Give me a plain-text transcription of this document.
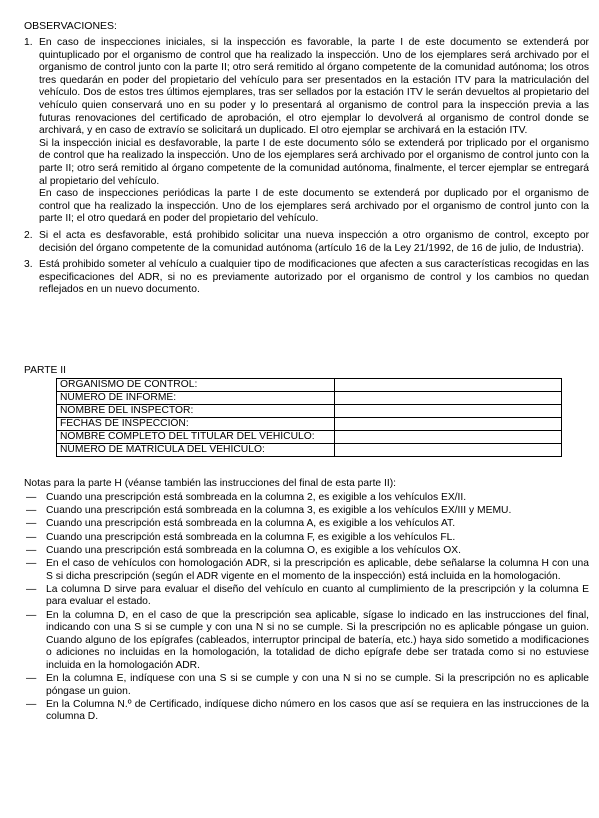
OBSERVACIONES:
1. En caso de inspecciones iniciales, si la inspección es favorable, la parte I de este documento se extenderá por quintuplicado por el organismo de control que ha realizado la inspección. Uno de los ejemplares será archivado por el organismo de control junto con la parte II; otro será remitido al órgano competente de la comunidad autónoma; los otros tres quedarán en poder del propietario del vehículo para ser presentados en la estación ITV para la matriculación del vehículo. Dos de estos tres últimos ejemplares, tras ser sellados por la estación ITV le serán devueltos al propietario del vehículo quien conservará uno en su poder y lo presentará al organismo de control para la inspección previa a las futuras renovaciones del certificado de aprobación, el otro ejemplar lo devolverá al organismo de control donde se archivará, y en caso de extravío se solicitará un duplicado. El otro ejemplar se archivará en la estación ITV.

Si la inspección inicial es desfavorable, la parte I de este documento sólo se extenderá por triplicado por el organismo de control que ha realizado la inspección. Uno de los ejemplares será archivado por el organismo de control junto con la parte II; otro será remitido al órgano competente de la comunidad autónoma, finalmente, el tercer ejemplar se entregará al propietario del vehículo.

En caso de inspecciones periódicas la parte I de este documento se extenderá por duplicado por el organismo de control que ha realizado la inspección. Uno de los ejemplares será archivado por el organismo de control junto con la parte II; el otro quedará en poder del propietario del vehículo.

2. Si el acta es desfavorable, está prohibido solicitar una nueva inspección a otro organismo de control, excepto por decisión del órgano competente de la comunidad autónoma (artículo 16 de la Ley 21/1992, de 16 de julio, de Industria).

3. Está prohibido someter al vehículo a cualquier tipo de modificaciones que afecten a sus características recogidas en las especificaciones del ADR, si no es previamente autorizado por el organismo de control y los cambios no quedan reflejados en un nuevo documento.

PARTE II
ORGANISMO DE CONTROL:	
NÚMERO DE INFORME:	
NOMBRE DEL INSPECTOR:	
FECHAS DE INSPECCIÓN:	
NOMBRE COMPLETO DEL TITULAR DEL VEHÍCULO:	
NÚMERO DE MATRÍCULA DEL VEHÍCULO:	
Notas para la parte H (véanse también las instrucciones del final de esta parte II):
— Cuando una prescripción está sombreada en la columna 2, es exigible a los vehículos EX/II.

— Cuando una prescripción está sombreada en la columna 3, es exigible a los vehículos EX/III y MEMU.

— Cuando una prescripción está sombreada en la columna A, es exigible a los vehículos AT.

— Cuando una prescripción está sombreada en la columna F, es exigible a los vehículos FL.

— Cuando una prescripción está sombreada en la columna O, es exigible a los vehículos OX.

— En el caso de vehículos con homologación ADR, si la prescripción es aplicable, debe señalarse la columna H con una S si dicha prescripción (según el ADR vigente en el momento de la inspección) está incluida en la homologación.

— La columna D sirve para evaluar el diseño del vehículo en cuanto al cumplimiento de la prescripción y la columna E para evaluar el estado.

— En la columna D, en el caso de que la prescripción sea aplicable, sígase lo indicado en las instrucciones del final, indicando con una S si se cumple y con una N si no se cumple. Si la prescripción no es aplicable póngase un guion. Cuando alguno de los epígrafes (cableados, interruptor principal de batería, etc.) haya sido sometido a modificaciones o adiciones no incluidas en la homologación, la totalidad de dicho epígrafe debe ser tratada como si no estuviese incluida en la homologación ADR.

— En la columna E, indíquese con una S si se cumple y con una N si no se cumple. Si la prescripción no es aplicable póngase un guion.

— En la Columna N.º de Certificado, indíquese dicho número en los casos que así se requiera en las instrucciones de la columna D.
